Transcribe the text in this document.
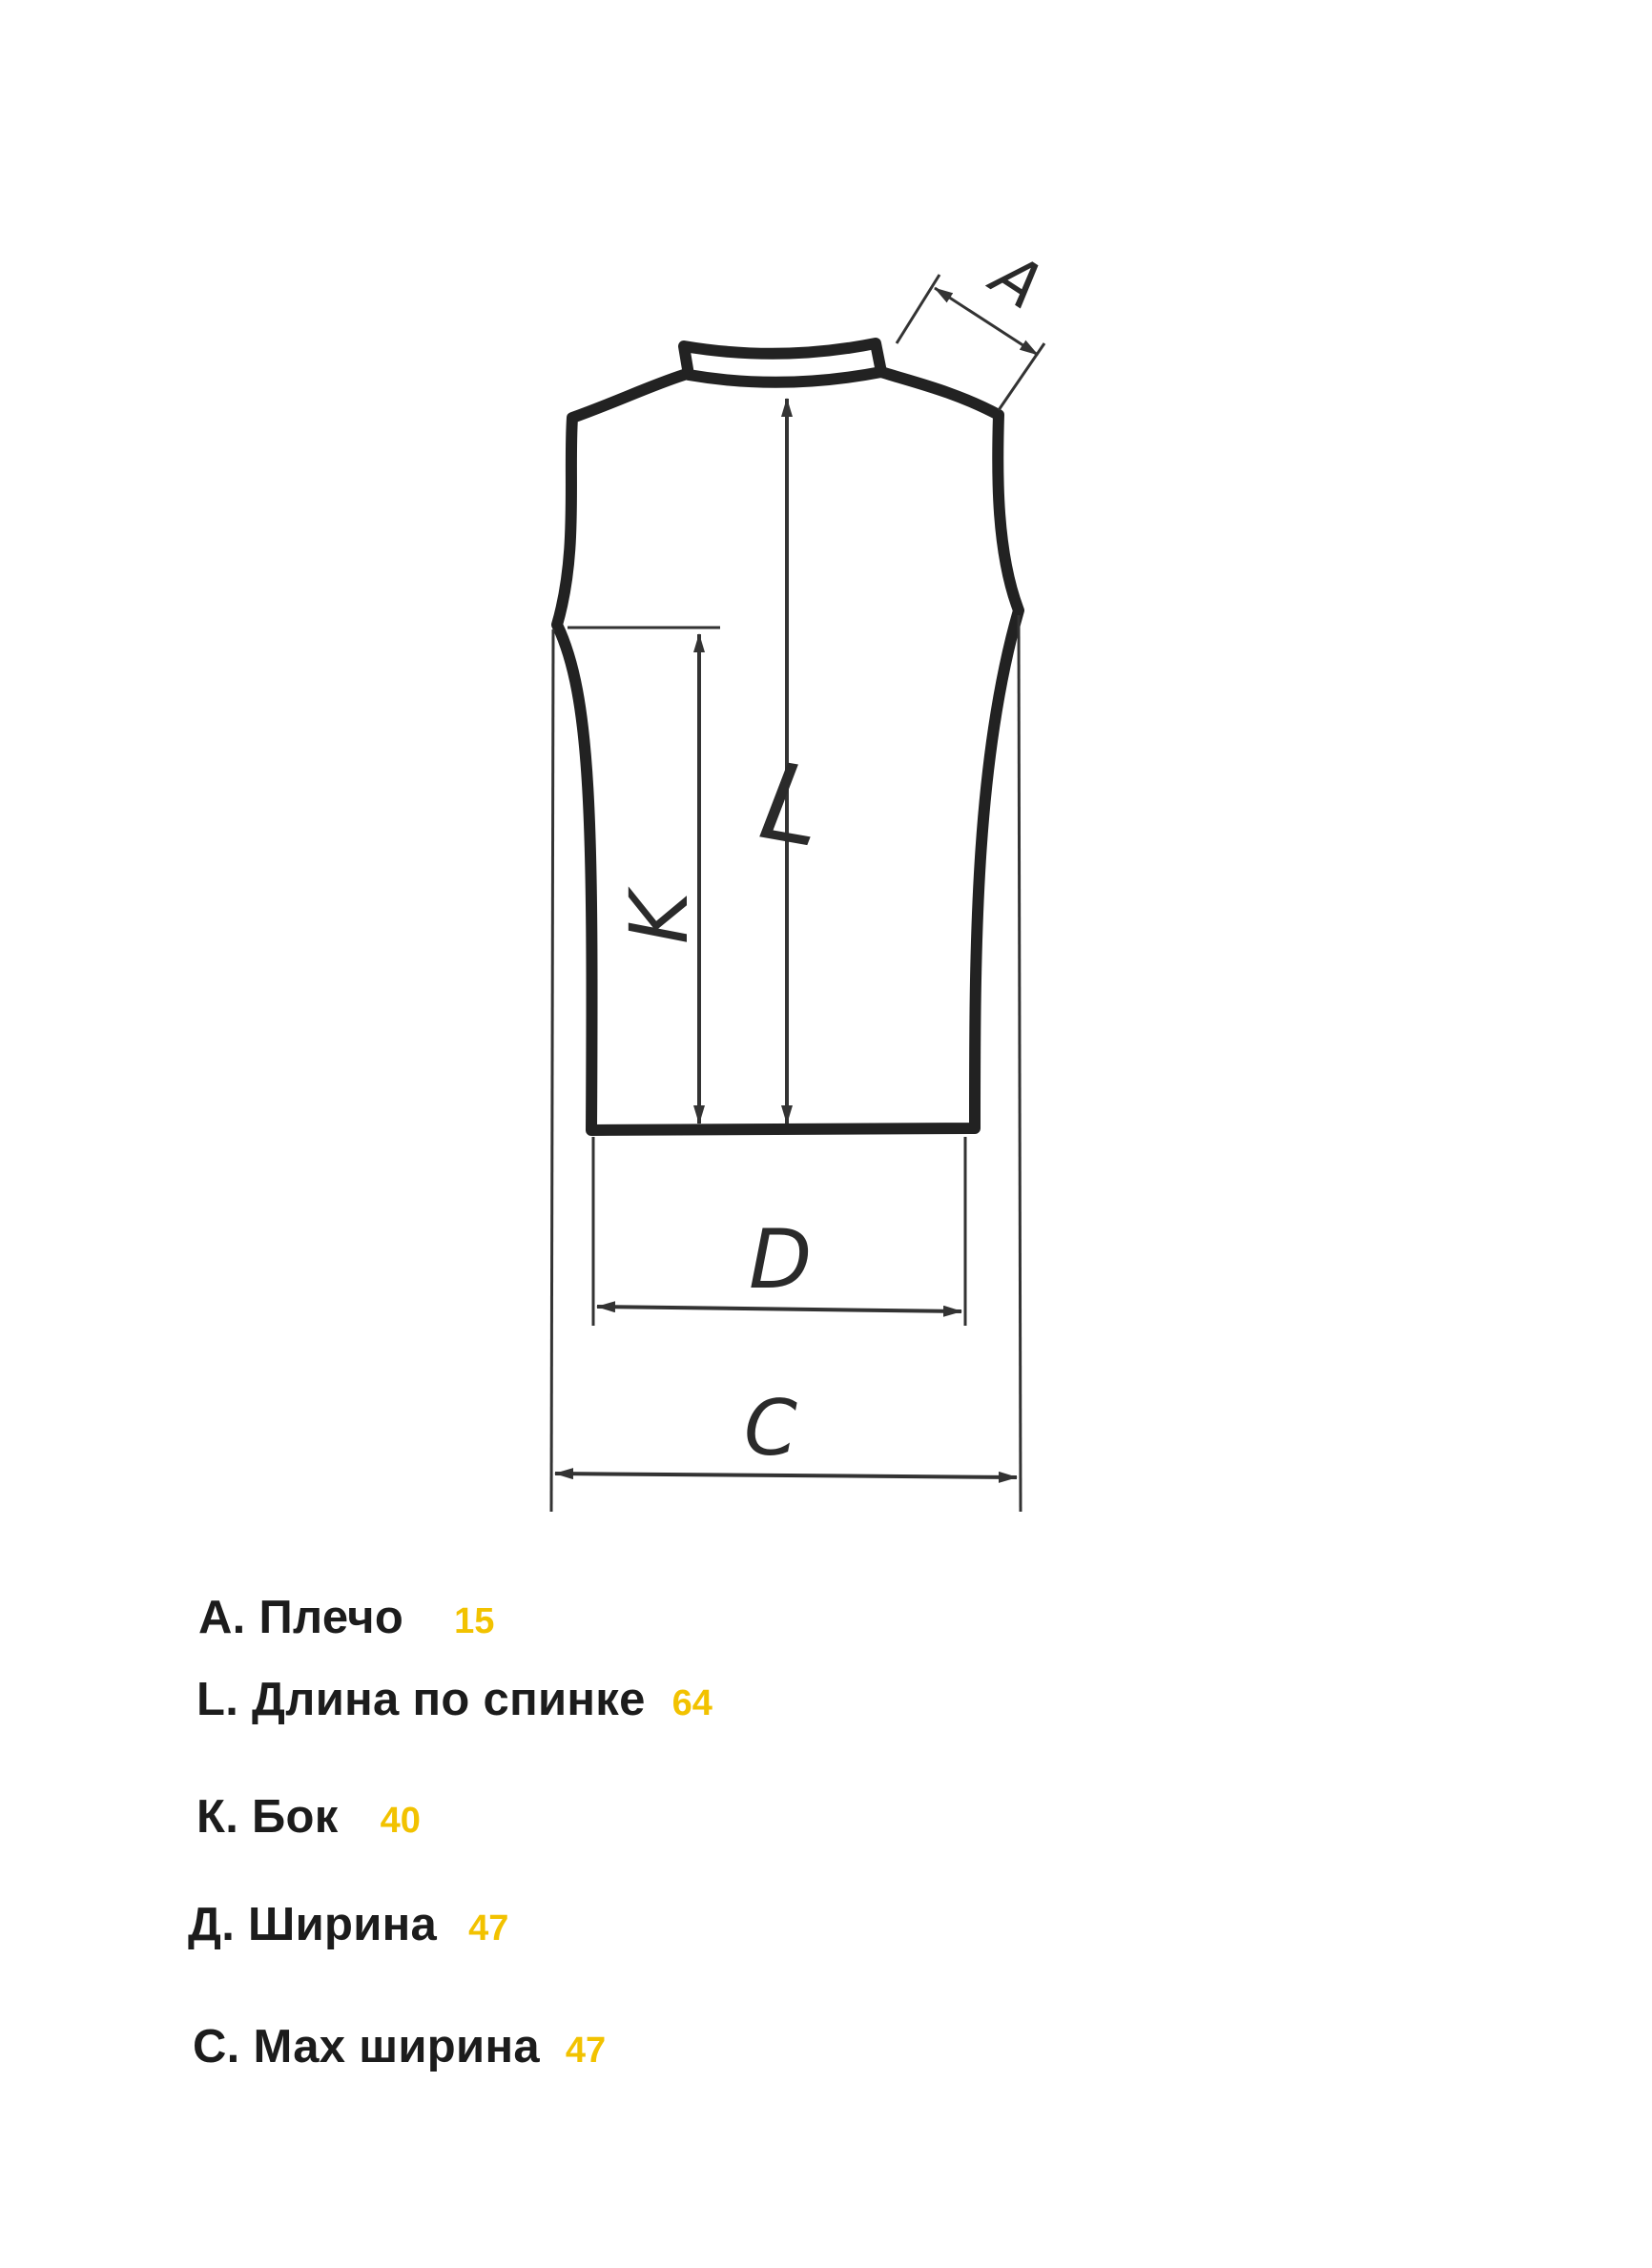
A
L
K
D
C
А. Плечо 15
L. Длина по спинке 64
К. Бок 40
Д. Ширина 47
С. Мах ширина 47
